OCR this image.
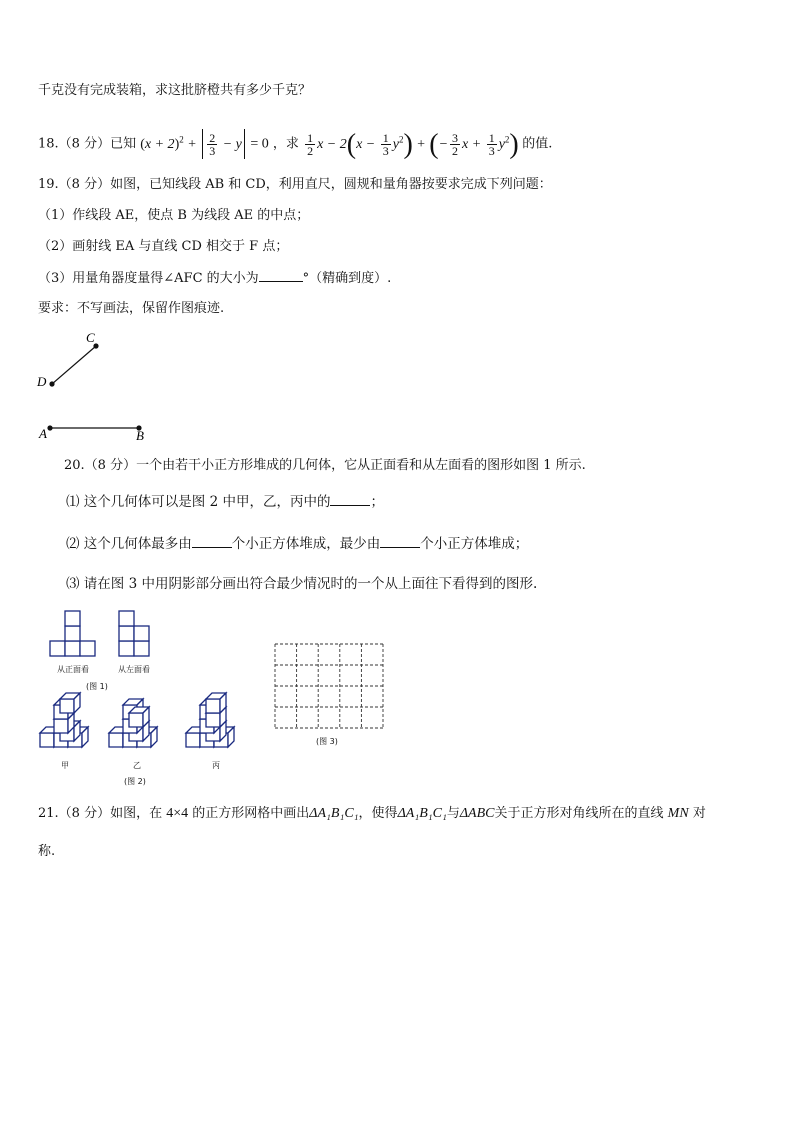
千克没有完成装箱，求这批脐橙共有多少千克？
18.（8 分）已知 $(x + 2)^2 + \frac{2}{3} - y = 0$ ，求 $\frac{1}{2}$ $x - 2(x - \frac{1}{3} y^2)$ + (− $\frac{3}{2}$ $x + \frac{1}{3} y^2$) 的值.
19.（8 分）如图，已知线段 AB 和 CD，利用直尺，圆规和量角器按要求完成下列问题：
（1）作线段 AE，使点 B 为线段 AE 的中点；
（2）画射线 EA 与直线 CD 相交于 F 点；
（3）用量角器度量得∠AFC 的大小为	°（精确到度）.
要求：不写画法，保留作图痕迹.
C
D
A	B
20.（8 分）一个由若干小正方形堆成的几何体，它从正面看和从左面看的图形如图 1 所示.
⑴ 这个几何体可以是图 2 中甲，乙，丙中的	；
⑵ 这个几何体最多由	个小正方体堆成，最少由	个小正方体堆成；
⑶ 请在图 3 中用阴影部分画出符合最少情况时的一个从上面往下看得到的图形.
从正面看	从左面看
(图 1)
甲	乙	丙
(图 2)
(图 3)
21.（8 分）如图，在 4×4 的正方形网格中画出ΔA₁B₁C₁，使得ΔA₁B₁C₁与ΔABC关于正方形对角线所在的直线 MN 对
称.
